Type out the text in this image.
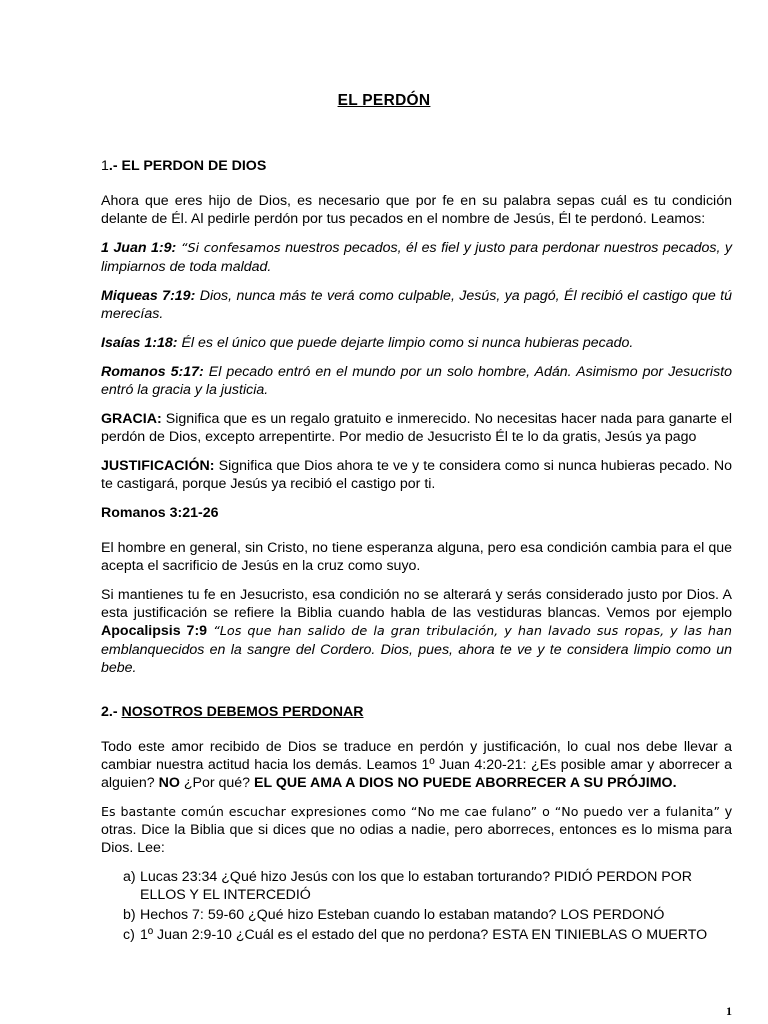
EL PERDÓN

1.- EL PERDON DE DIOS

Ahora que eres hijo de Dios, es necesario que por fe en su palabra sepas cuál es tu condición delante de Él. Al pedirle perdón por tus pecados en el nombre de Jesús, Él te perdonó. Leamos:

1 Juan 1:9: “Si confesamos nuestros pecados, él es fiel y justo para perdonar nuestros pecados, y limpiarnos de toda maldad.

Miqueas 7:19: Dios, nunca más te verá como culpable, Jesús, ya pagó, Él recibió el castigo que tú merecías.

Isaías 1:18: Él es el único que puede dejarte limpio como si nunca hubieras pecado.

Romanos 5:17: El pecado entró en el mundo por un solo hombre, Adán. Asimismo por Jesucristo entró la gracia y la justicia.

GRACIA: Significa que es un regalo gratuito e inmerecido. No necesitas hacer nada para ganarte el perdón de Dios, excepto arrepentirte. Por medio de Jesucristo Él te lo da gratis, Jesús ya pago

JUSTIFICACIÓN: Significa que Dios ahora te ve y te considera como si nunca hubieras pecado. No te castigará, porque Jesús ya recibió el castigo por ti.

Romanos 3:21-26

El hombre en general, sin Cristo, no tiene esperanza alguna, pero esa condición cambia para el que acepta el sacrificio de Jesús en la cruz como suyo.

Si mantienes tu fe en Jesucristo, esa condición no se alterará y serás considerado justo por Dios. A esta justificación se refiere la Biblia cuando habla de las vestiduras blancas. Vemos por ejemplo Apocalipsis 7:9 “Los que han salido de la gran tribulación, y han lavado sus ropas, y las han emblanquecidos en la sangre del Cordero. Dios, pues, ahora te ve y te considera limpio como un bebe.

2.- NOSOTROS DEBEMOS PERDONAR

Todo este amor recibido de Dios se traduce en perdón y justificación, lo cual nos debe llevar a cambiar nuestra actitud hacia los demás. Leamos 1º Juan 4:20-21: ¿Es posible amar y aborrecer a alguien? NO ¿Por qué? EL QUE AMA A DIOS NO PUEDE ABORRECER A SU PRÓJIMO.

Es bastante común escuchar expresiones como “No me cae fulano” o “No puedo ver a fulanita” y otras. Dice la Biblia que si dices que no odias a nadie, pero aborreces, entonces es lo misma para Dios. Lee:

a) Lucas 23:34 ¿Qué hizo Jesús con los que lo estaban torturando? PIDIÓ PERDON POR ELLOS Y EL INTERCEDIÓ
b) Hechos 7: 59-60 ¿Qué hizo Esteban cuando lo estaban matando? LOS PERDONÓ
c) 1º Juan 2:9-10 ¿Cuál es el estado del que no perdona? ESTA EN TINIEBLAS O MUERTO
1
